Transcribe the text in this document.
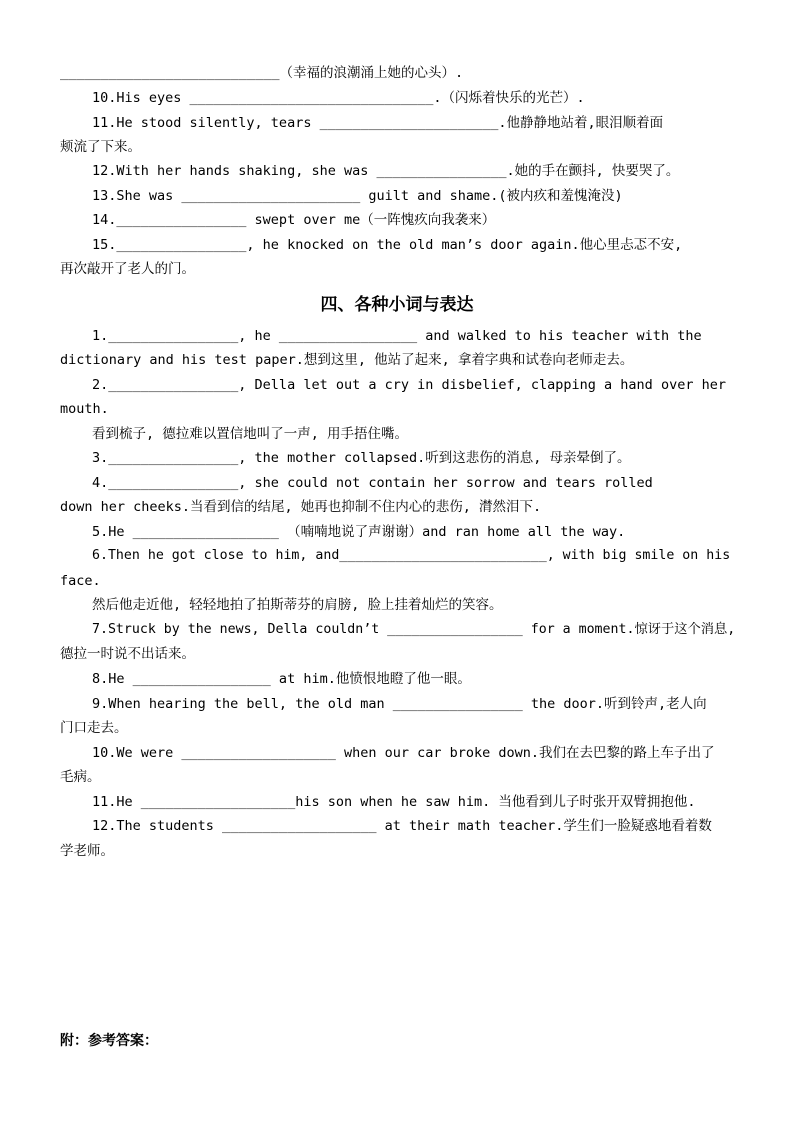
___________________________（幸福的浪潮涌上她的心头）.
10.His eyes ______________________________.（闪烁着快乐的光芒）.
11.He stood silently, tears ______________________.他静静地站着,眼泪顺着面
颊流了下来。
12.With her hands shaking, she was ________________.她的手在颤抖, 快要哭了。
13.She was ______________________ guilt and shame.(被内疚和羞愧淹没)
14.________________ swept over me（一阵愧疚向我袭来）
15.________________, he knocked on the old man’s door again.他心里忐忑不安,
再次敲开了老人的门。
四、各种小词与表达
1.________________, he _________________ and walked to his teacher with the
dictionary and his test paper.想到这里, 他站了起来, 拿着字典和试卷向老师走去。
2.________________, Della let out a cry in disbelief, clapping a hand over her
mouth.
看到梳子, 德拉难以置信地叫了一声, 用手捂住嘴。
3.________________, the mother collapsed.听到这悲伤的消息, 母亲晕倒了。
4.________________, she could not contain her sorrow and tears rolled
down her cheeks.当看到信的结尾, 她再也抑制不住内心的悲伤, 潸然泪下.
5.He __________________ （喃喃地说了声谢谢）and ran home all the way.
6.Then he got close to him, and__________________________, with big smile on his
face.
然后他走近他, 轻轻地拍了拍斯蒂芬的肩膀, 脸上挂着灿烂的笑容。
7.Struck by the news, Della couldn’t _________________ for a moment.惊讶于这个消息,
德拉一时说不出话来。
8.He _________________ at him.他愤恨地瞪了他一眼。
9.When hearing the bell, the old man ________________ the door.听到铃声,老人向
门口走去。
10.We were ___________________ when our car broke down.我们在去巴黎的路上车子出了
毛病。
11.He ___________________his son when he saw him. 当他看到儿子时张开双臂拥抱他.
12.The students ___________________ at their math teacher.学生们一脸疑惑地看着数
学老师。
附：参考答案：
